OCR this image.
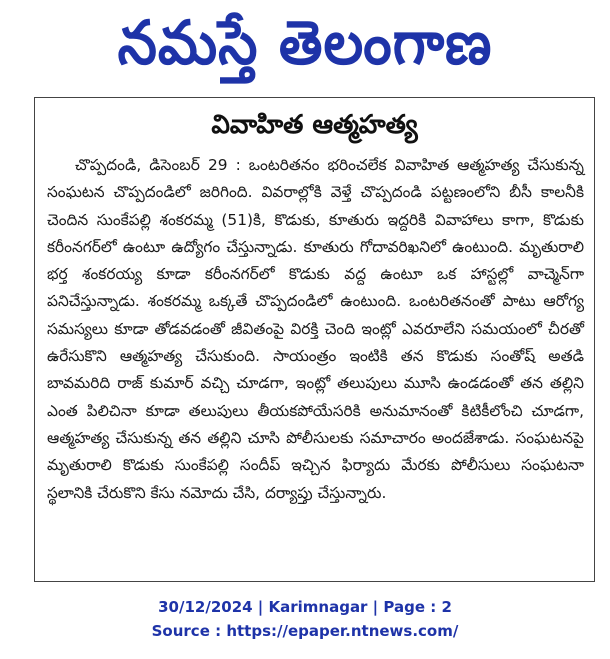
నమస్తే తెలంగాణ
వివాహిత ఆత్మహత్య

చొప్పదండి, డిసెంబర్ 29 : ఒంటరితనం భరించలేక వివాహిత ఆత్మహత్య చేసుకున్న సంఘటన చొప్పదండిలో జరిగింది. వివరాల్లోకి వెళ్తే చొప్పదండి పట్టణంలోని బీసీ కాలనీకి చెందిన సుంకేపల్లి శంకరమ్మ (51)కి, కొడుకు, కూతురు ఇద్దరికి వివాహాలు కాగా, కొడుకు కరీంనగర్‌లో ఉంటూ ఉద్యోగం చేస్తున్నాడు. కూతురు గోదావరిఖనిలో ఉంటుంది. మృతురాలి భర్త శంకరయ్య కూడా కరీంనగర్‌లో కొడుకు వద్ద ఉంటూ ఒక హాస్టల్లో వాచ్మెన్‌గా పనిచేస్తున్నాడు. శంకరమ్మ ఒక్కతే చొప్పదండిలో ఉంటుంది. ఒంటరితనంతో పాటు ఆరోగ్య సమస్యలు కూడా తోడవడంతో జీవితంపై విరక్తి చెంది ఇంట్లో ఎవరూలేని సమయంలో చీరతో ఉరేసుకొని ఆత్మహత్య చేసుకుంది. సాయంత్రం ఇంటికి తన కొడుకు సంతోష్ అతడి బావమరిది రాజ్ కుమార్ వచ్చి చూడగా, ఇంట్లో తలుపులు మూసి ఉండడంతో తన తల్లిని ఎంత పిలిచినా కూడా తలుపులు తీయకపోయేసరికి అనుమానంతో కిటికీలోంచి చూడగా, ఆత్మహత్య చేసుకున్న తన తల్లిని చూసి పోలీసులకు సమాచారం అందజేశాడు. సంఘటనపై మృతురాలి కొడుకు సుంకేపల్లి సందీప్ ఇచ్చిన ఫిర్యాదు మేరకు పోలీసులు సంఘటనా స్థలానికి చేరుకొని కేసు నమోదు చేసి, దర్యాప్తు చేస్తున్నారు.

30/12/2024 | Karimnagar | Page : 2
Source : https://epaper.ntnews.com/
